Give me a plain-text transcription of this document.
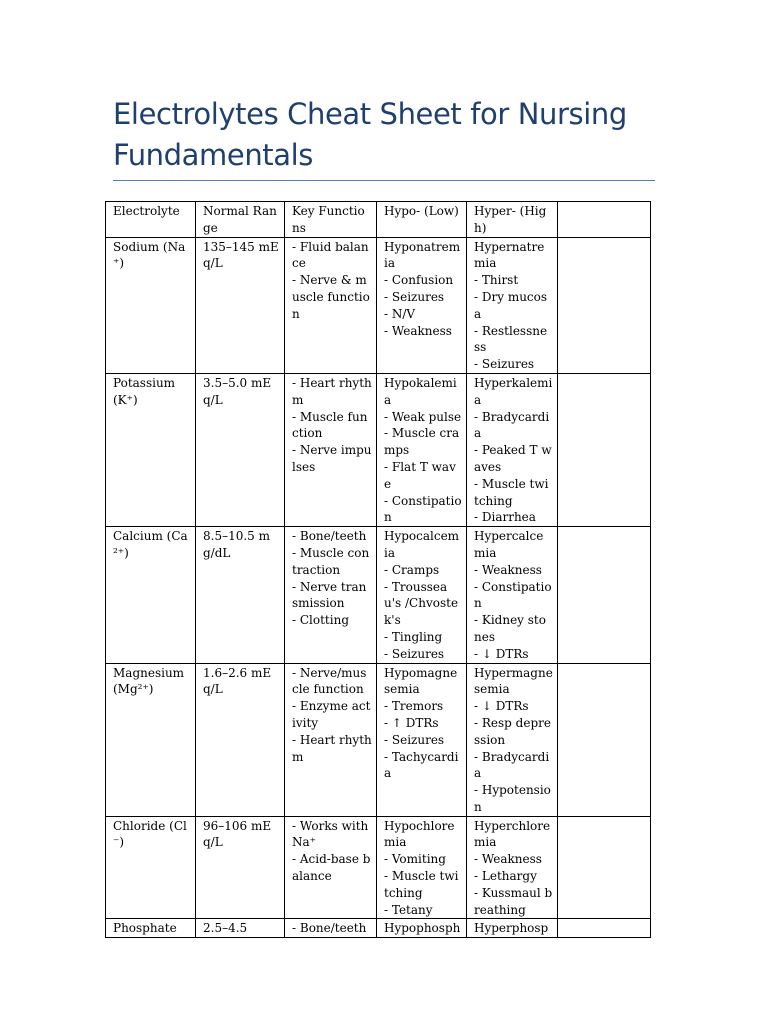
Electrolytes Cheat Sheet for Nursing Fundamentals
Electrolyte	Normal Range	Key Functions	Hypo- (Low)	Hyper- (High)	
Sodium (Na⁺)	135–145 mEq/L	- Fluid balance
- Nerve & muscle function	Hyponatremia
- Confusion
- Seizures
- N/V
- Weakness	Hypernatremia
- Thirst
- Dry mucosa
- Restlessness
- Seizures	

Potassium (K⁺)	3.5–5.0 mEq/L	- Heart rhythm
- Muscle function
- Nerve impulses	Hypokalemia
- Weak pulse
- Muscle cramps
- Flat T wave
- Constipation	Hyperkalemia
- Bradycardia
- Peaked T waves
- Muscle twitching
- Diarrhea	

Calcium (Ca²⁺)	8.5–10.5 mg/dL	- Bone/teeth
- Muscle contraction
- Nerve transmission
- Clotting	Hypocalcemia
- Cramps
- Trousseau's /Chvostek's
- Tingling
- Seizures	Hypercalcemia
- Weakness
- Constipation
- Kidney stones
- ↓ DTRs	

Magnesium (Mg²⁺)	1.6–2.6 mEq/L	- Nerve/muscle function
- Enzyme activity
- Heart rhythm	Hypomagnesemia
- Tremors
- ↑ DTRs
- Seizures
- Tachycardia	Hypermagnesemia
- ↓ DTRs
- Resp depression
- Bradycardia
- Hypotension	

Chloride (Cl⁻)	96–106 mEq/L	- Works with Na⁺
- Acid-base balance	Hypochloremia
- Vomiting
- Muscle twitching
- Tetany	Hyperchloremia
- Weakness
- Lethargy
- Kussmaul breathing	

Phosphate	2.5–4.5	- Bone/teeth	Hypophosph	Hyperphosp	
